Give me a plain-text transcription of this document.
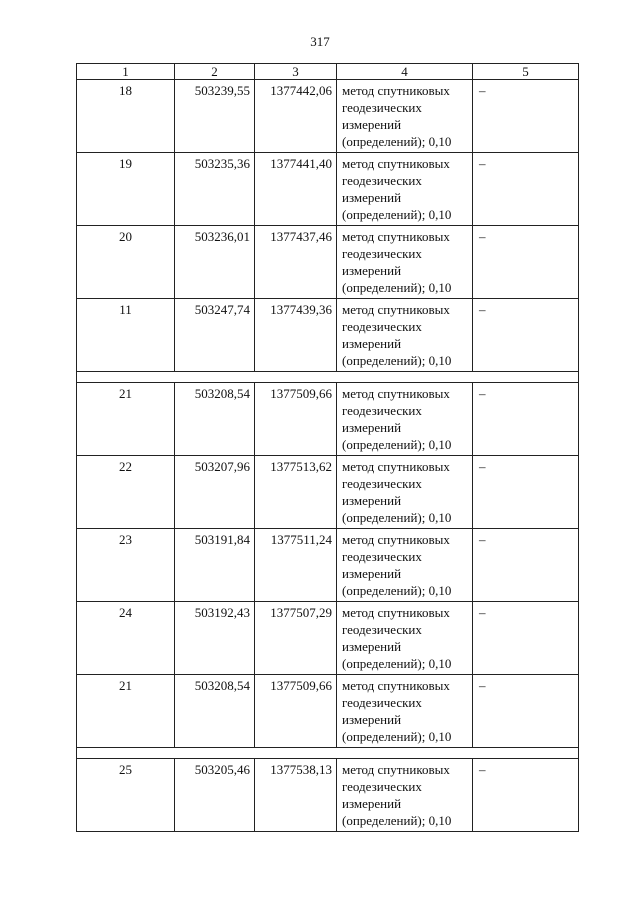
317
1	2	3	4	5
18	503239,55	1377442,06	метод спутниковых
геодезических
измерений
(определений); 0,10	–
19	503235,36	1377441,40	метод спутниковых
геодезических
измерений
(определений); 0,10	–
20	503236,01	1377437,46	метод спутниковых
геодезических
измерений
(определений); 0,10	–
11	503247,74	1377439,36	метод спутниковых
геодезических
измерений
(определений); 0,10	–

21	503208,54	1377509,66	метод спутниковых
геодезических
измерений
(определений); 0,10	–
22	503207,96	1377513,62	метод спутниковых
геодезических
измерений
(определений); 0,10	–
23	503191,84	1377511,24	метод спутниковых
геодезических
измерений
(определений); 0,10	–
24	503192,43	1377507,29	метод спутниковых
геодезических
измерений
(определений); 0,10	–
21	503208,54	1377509,66	метод спутниковых
геодезических
измерений
(определений); 0,10	–

25	503205,46	1377538,13	метод спутниковых
геодезических
измерений
(определений); 0,10	–
